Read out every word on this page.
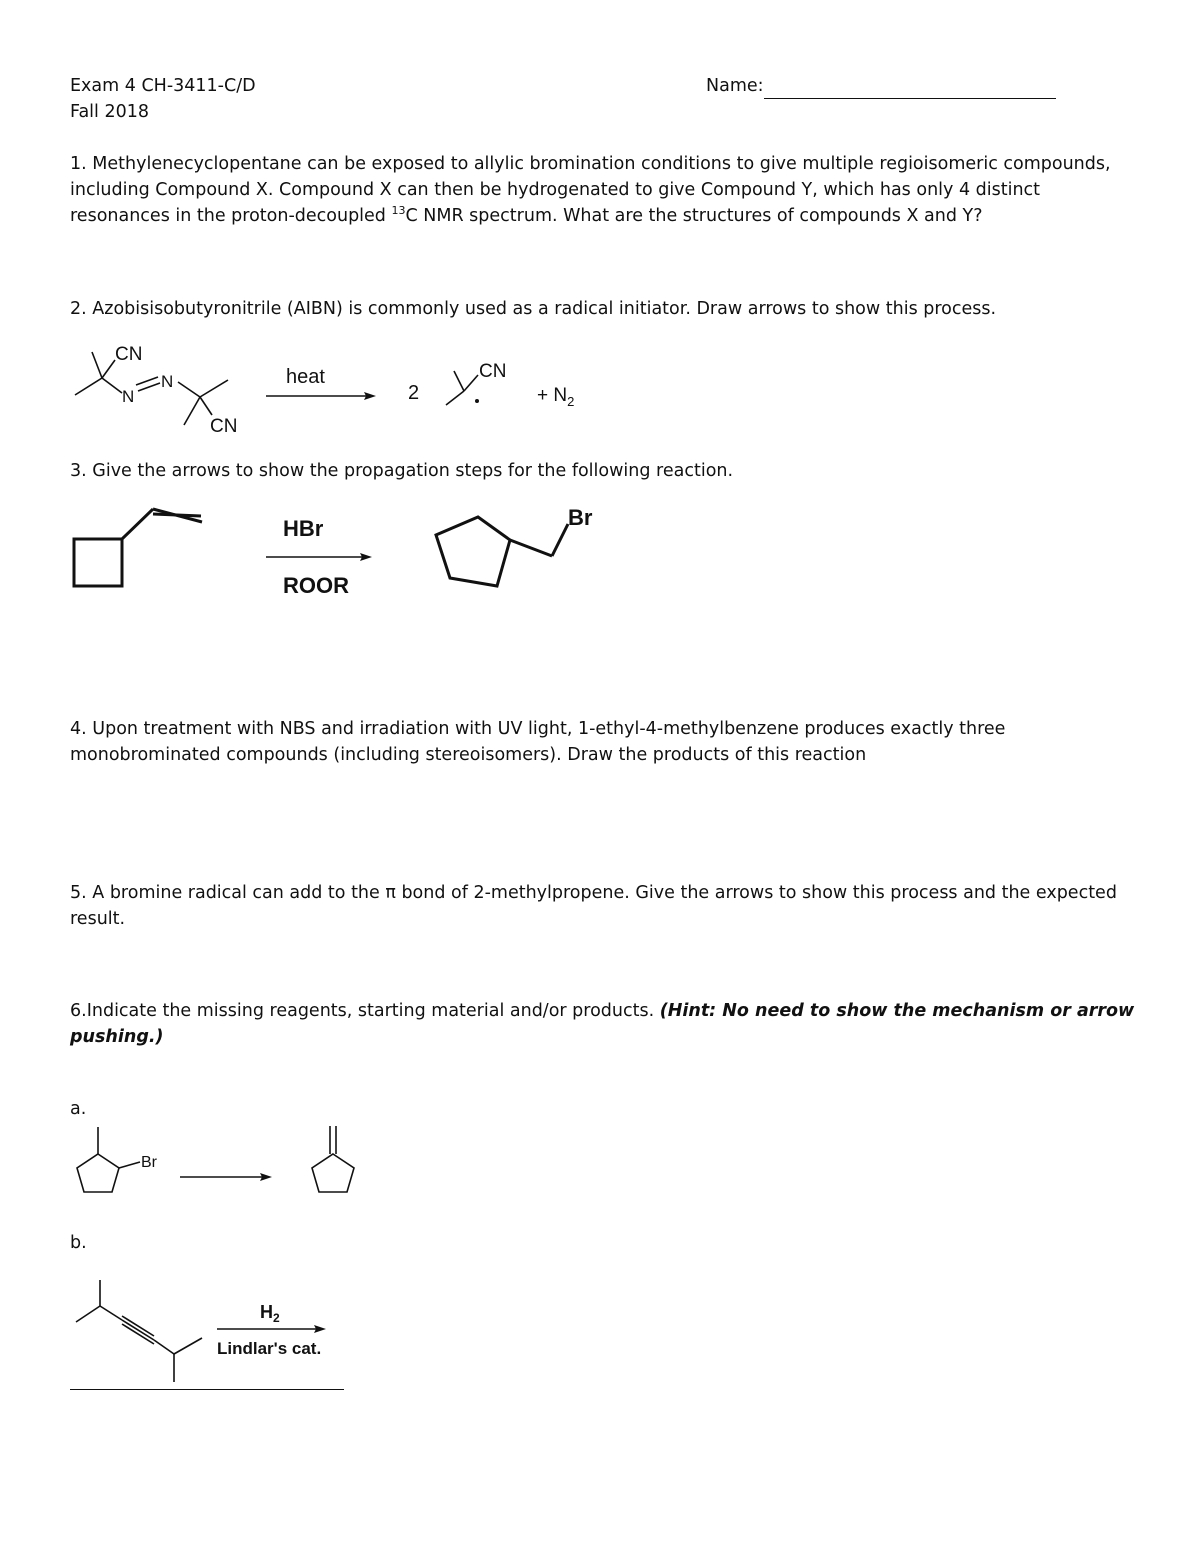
Exam 4 CH-3411-C/D
Fall 2018
Name:
1. Methylenecyclopentane can be exposed to allylic bromination conditions to give multiple regioisomeric compounds, including Compound X. Compound X can then be hydrogenated to give Compound Y, which has only 4 distinct resonances in the proton-decoupled $^{13}$C NMR spectrum. What are the structures of compounds X and Y?
2. Azobisisobutyronitrile (AIBN) is commonly used as a radical initiator. Draw arrows to show this process.
CN
N
N
CN
heat
2
CN
+ $N_2$
3. Give the arrows to show the propagation steps for the following reaction.
HBr
ROOR
Br
4. Upon treatment with NBS and irradiation with UV light, 1-ethyl-4-methylbenzene produces exactly three monobrominated compounds (including stereoisomers). Draw the products of this reaction
5. A bromine radical can add to the π bond of 2-methylpropene. Give the arrows to show this process and the expected result.
6.Indicate the missing reagents, starting material and/or products. (Hint: No need to show the mechanism or arrow pushing.)
a.
Br
b.
$H_2$
Lindlar's cat.
